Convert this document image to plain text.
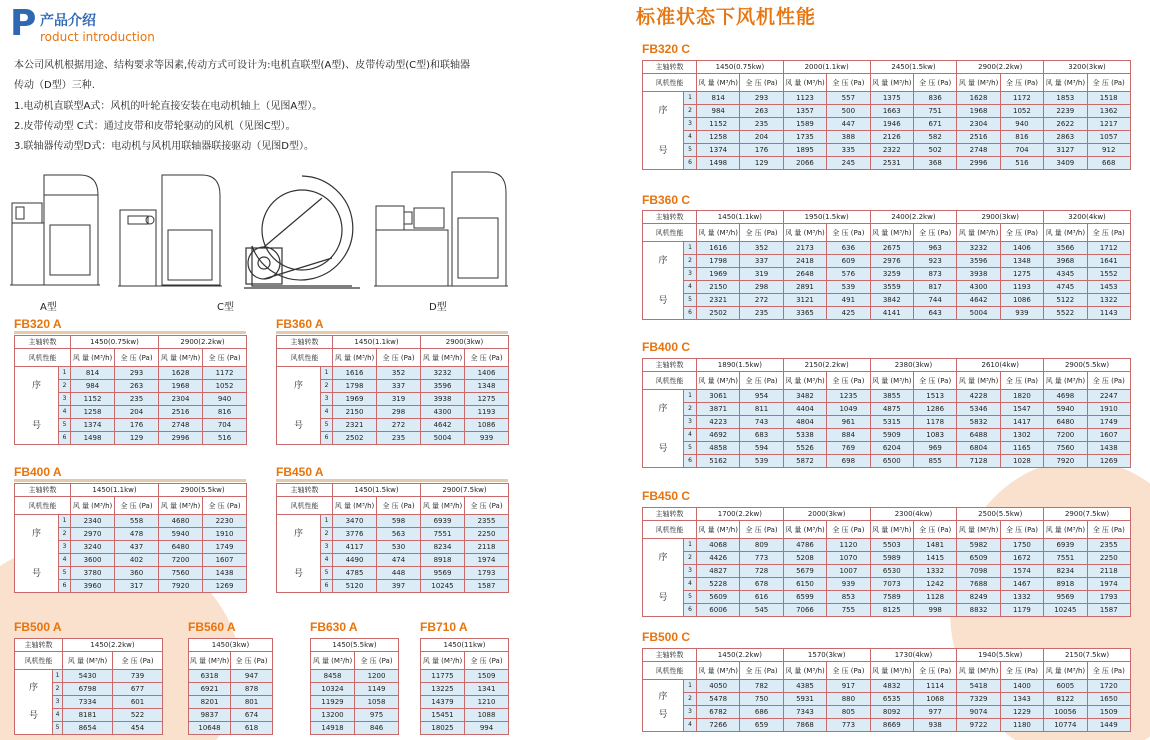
P 产品介绍
roduct introduction
本公司风机根据用途、结构要求等因素,传动方式可设计为:电机直联型(A型)、皮带传动型(C型)和联轴器
传动（D型）三种.
1.电动机直联型A式：风机的叶轮直接安装在电动机轴上（见图A型）。
2.皮带传动型 C式：通过皮带和皮带轮驱动的风机（见图C型）。
3.联轴器传动型D式：电动机与风机用联轴器联接驱动（见图D型）。
A型	C型	D型
标准状态下风机性能
FB320 A	FB360 A
FB400 A	FB450 A
FB500 A	FB560 A	FB630 A	FB710 A
FB320 C
FB360 C
FB400 C
FB450 C
FB500 C
主轴转数		1450(0.75kw)		2900(2.2kw)	
风机性能		风 量 (M³/h)	全 压 (Pa)	风 量 (M³/h)	全 压 (Pa)

序
号	1	814	293	1628	1172
	2	984	263	1968	1052
	3	1152	235	2304	940
	4	1258	204	2516	816
	5	1374	176	2748	704
	6	1498	129	2996	516
主轴转数		1450(1.1kw)		2900(3kw)	
风机性能		风 量 (M³/h)	全 压 (Pa)	风 量 (M³/h)	全 压 (Pa)

序
号	1	1616	352	3232	1406
	2	1798	337	3596	1348
	3	1969	319	3938	1275
	4	2150	298	4300	1193
	5	2321	272	4642	1086
	6	2502	235	5004	939
主轴转数		1450(1.1kw)		2900(5.5kw)	
风机性能		风 量 (M³/h)	全 压 (Pa)	风 量 (M³/h)	全 压 (Pa)

序
号	1	2340	558	4680	2230
	2	2970	478	5940	1910
	3	3240	437	6480	1749
	4	3600	402	7200	1607
	5	3780	360	7560	1438
	6	3960	317	7920	1269
主轴转数		1450(1.5kw)		2900(7.5kw)	
风机性能		风 量 (M³/h)	全 压 (Pa)	风 量 (M³/h)	全 压 (Pa)

序
号	1	3470	598	6939	2355
	2	3776	563	7551	2250
	3	4117	530	8234	2118
	4	4490	474	8918	1974
	5	4785	448	9569	1793
	6	5120	397	10245	1587
主轴转数		1450(2.2kw)	
风机性能		风 量 (M³/h)	全 压 (Pa)

序
号	1	5430	739
	2	6798	677
	3	7334	601
	4	8181	522
	5	8654	454
1450(3kw)	
风 量 (M³/h)	全 压 (Pa)
6318	947
6921	878
8201	801
9837	674
10648	618
1450(5.5kw)	
风 量 (M³/h)	全 压 (Pa)
8458	1200
10324	1149
11929	1058
13200	975
14918	846
1450(11kw)	
风 量 (M³/h)	全 压 (Pa)
11775	1509
13225	1341
14379	1210
15451	1088
18025	994
主轴转数		1450(0.75kw)		2000(1.1kw)		2450(1.5kw)		2900(2.2kw)		3200(3kw)	
风机性能		风 量 (M³/h)	全 压 (Pa)	风 量 (M³/h)	全 压 (Pa)	风 量 (M³/h)	全 压 (Pa)	风 量 (M³/h)	全 压 (Pa)	风 量 (M³/h)	全 压 (Pa)

序
号	1	814	293	1123	557	1375	836	1628	1172	1853	1518
	2	984	263	1357	500	1663	751	1968	1052	2239	1362
	3	1152	235	1589	447	1946	671	2304	940	2622	1217
	4	1258	204	1735	388	2126	582	2516	816	2863	1057
	5	1374	176	1895	335	2322	502	2748	704	3127	912
	6	1498	129	2066	245	2531	368	2996	516	3409	668
主轴转数		1450(1.1kw)		1950(1.5kw)		2400(2.2kw)		2900(3kw)		3200(4kw)	
风机性能		风 量 (M³/h)	全 压 (Pa)	风 量 (M³/h)	全 压 (Pa)	风 量 (M³/h)	全 压 (Pa)	风 量 (M³/h)	全 压 (Pa)	风 量 (M³/h)	全 压 (Pa)

序
号	1	1616	352	2173	636	2675	963	3232	1406	3566	1712
	2	1798	337	2418	609	2976	923	3596	1348	3968	1641
	3	1969	319	2648	576	3259	873	3938	1275	4345	1552
	4	2150	298	2891	539	3559	817	4300	1193	4745	1453
	5	2321	272	3121	491	3842	744	4642	1086	5122	1322
	6	2502	235	3365	425	4141	643	5004	939	5522	1143
主轴转数		1890(1.5kw)		2150(2.2kw)		2380(3kw)		2610(4kw)		2900(5.5kw)	
风机性能		风 量 (M³/h)	全 压 (Pa)	风 量 (M³/h)	全 压 (Pa)	风 量 (M³/h)	全 压 (Pa)	风 量 (M³/h)	全 压 (Pa)	风 量 (M³/h)	全 压 (Pa)

序
号	1	3061	954	3482	1235	3855	1513	4228	1820	4698	2247
	2	3871	811	4404	1049	4875	1286	5346	1547	5940	1910
	3	4223	743	4804	961	5315	1178	5832	1417	6480	1749
	4	4692	683	5338	884	5909	1083	6488	1302	7200	1607
	5	4858	594	5526	769	6204	969	6804	1165	7560	1438
	6	5162	539	5872	698	6500	855	7128	1028	7920	1269
主轴转数		1700(2.2kw)		2000(3kw)		2300(4kw)		2500(5.5kw)		2900(7.5kw)	
风机性能		风 量 (M³/h)	全 压 (Pa)	风 量 (M³/h)	全 压 (Pa)	风 量 (M³/h)	全 压 (Pa)	风 量 (M³/h)	全 压 (Pa)	风 量 (M³/h)	全 压 (Pa)

序
号	1	4068	809	4786	1120	5503	1481	5982	1750	6939	2355
	2	4426	773	5208	1070	5989	1415	6509	1672	7551	2250
	3	4827	728	5679	1007	6530	1332	7098	1574	8234	2118
	4	5228	678	6150	939	7073	1242	7688	1467	8918	1974
	5	5609	616	6599	853	7589	1128	8249	1332	9569	1793
	6	6006	545	7066	755	8125	998	8832	1179	10245	1587
主轴转数		1450(2.2kw)		1570(3kw)		1730(4kw)		1940(5.5kw)		2150(7.5kw)	
风机性能		风 量 (M³/h)	全 压 (Pa)	风 量 (M³/h)	全 压 (Pa)	风 量 (M³/h)	全 压 (Pa)	风 量 (M³/h)	全 压 (Pa)	风 量 (M³/h)	全 压 (Pa)

序
号	1	4050	782	4385	917	4832	1114	5418	1400	6005	1720
	2	5478	750	5931	880	6535	1068	7329	1343	8122	1650
	3	6782	686	7343	805	8092	977	9074	1229	10056	1509
	4	7266	659	7868	773	8669	938	9722	1180	10774	1449
